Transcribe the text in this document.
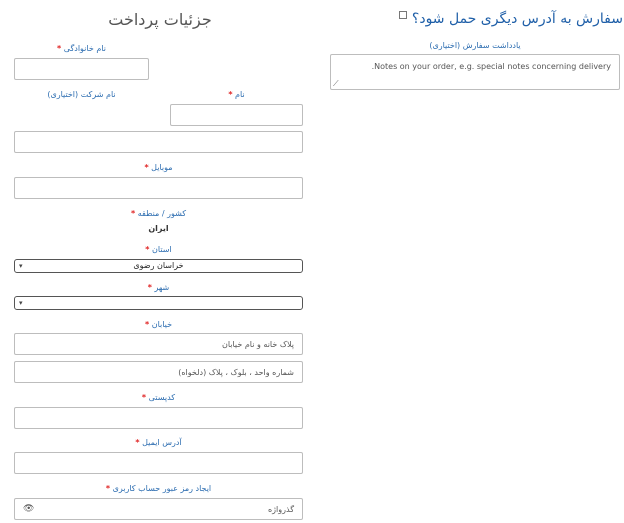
سفارش به آدرس دیگری حمل شود؟
یادداشت سفارش (اختیاری)
Notes on your order, e.g. special notes concerning delivery.
⟋
جزئیات پرداخت
نام خانوادگی *
نام شرکت (اختیاری)	نام *
موبایل *
کشور / منطقه *
ایران
استان *
خراسان رضوی
▾
شهر *
▾
خیابان *
پلاک خانه و نام خیابان
شماره واحد ، بلوک ، پلاک (دلخواه)
کدپستی *
آدرس ایمیل *
ایجاد رمز عبور حساب کاربری *
گذرواژه
👁
